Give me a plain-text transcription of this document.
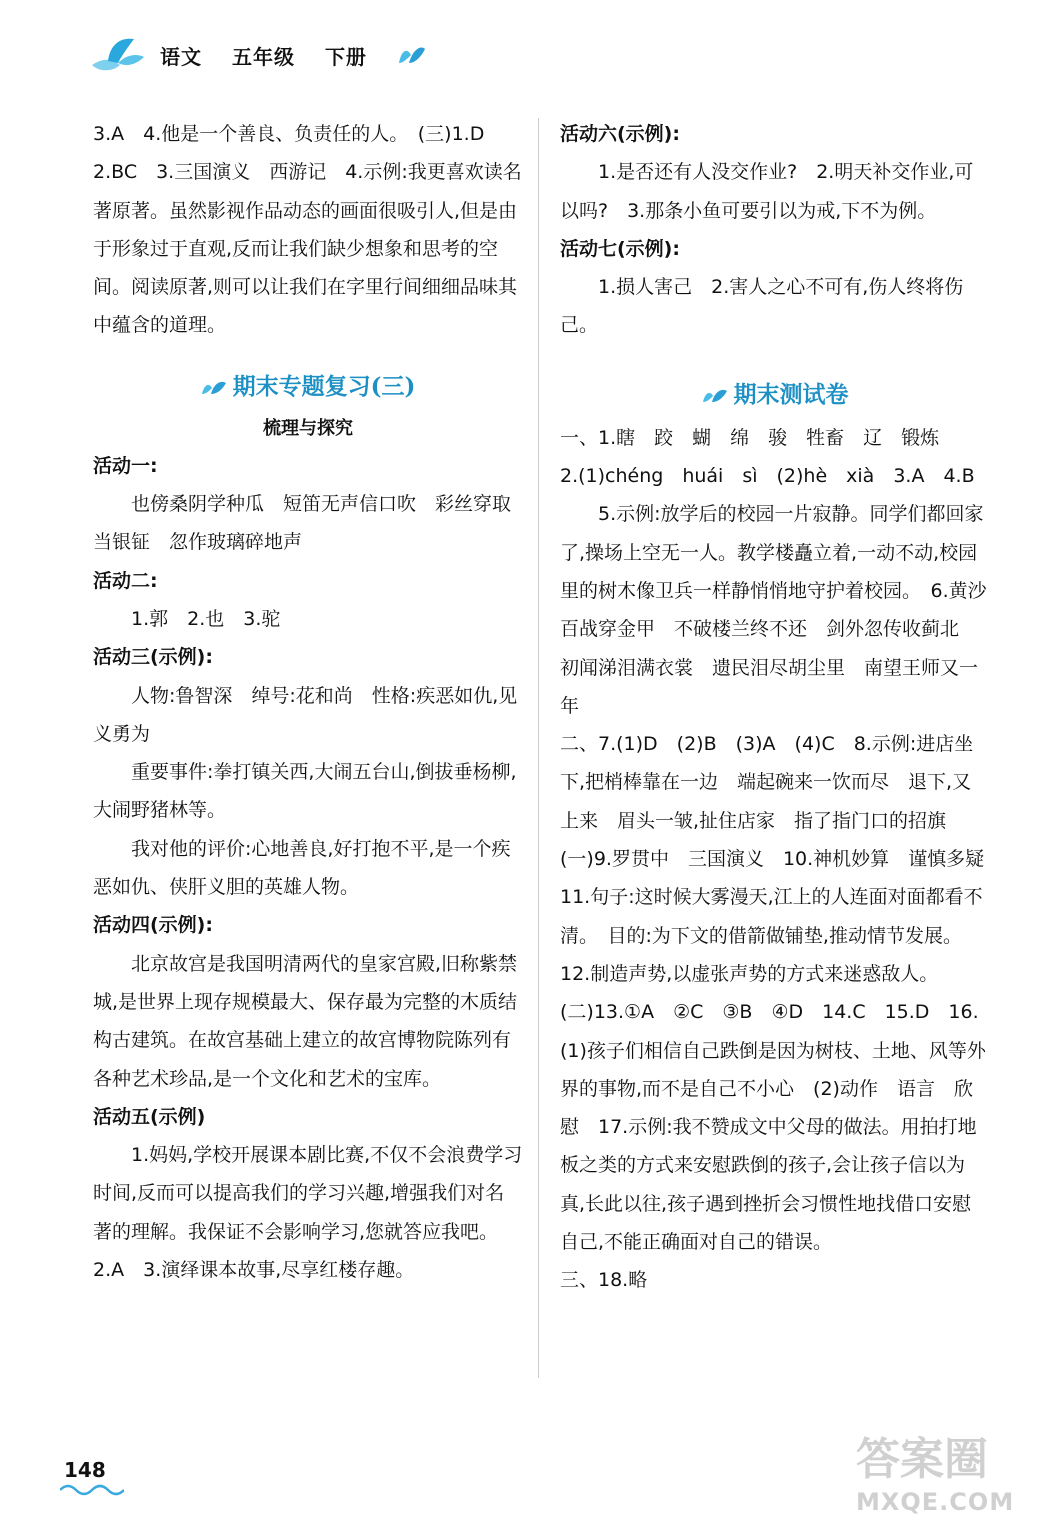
语文 五年级 下册

3.A　4.他是一个善良、负责任的人。　(三)1.D

2.BC　3.三国演义　西游记　4.示例:我更喜欢读名著原著。虽然影视作品动态的画面很吸引人,但是由于形象过于直观,反而让我们缺少想象和思考的空间。阅读原著,则可以让我们在字里行间细细品味其中蕴含的道理。

期末专题复习(三)
梳理与探究

活动一:

也傍桑阴学种瓜　短笛无声信口吹　彩丝穿取当银钲　忽作玻璃碎地声

活动二:

1.郭　2.也　3.驼

活动三(示例):

人物:鲁智深　绰号:花和尚　性格:疾恶如仇,见义勇为

重要事件:拳打镇关西,大闹五台山,倒拔垂杨柳,大闹野猪林等。

我对他的评价:心地善良,好打抱不平,是一个疾恶如仇、侠肝义胆的英雄人物。

活动四(示例):

北京故宫是我国明清两代的皇家宫殿,旧称紫禁城,是世界上现存规模最大、保存最为完整的木质结构古建筑。在故宫基础上建立的故宫博物院陈列有各种艺术珍品,是一个文化和艺术的宝库。

活动五(示例)

1.妈妈,学校开展课本剧比赛,不仅不会浪费学习时间,反而可以提高我们的学习兴趣,增强我们对名著的理解。我保证不会影响学习,您就答应我吧。　2.A　3.演绎课本故事,尽享红楼存趣。

活动六(示例):

1.是否还有人没交作业?　2.明天补交作业,可以吗?　3.那条小鱼可要引以为戒,下不为例。

活动七(示例):

1.损人害己　2.害人之心不可有,伤人终将伤己。

期末测试卷

一、1.瞎　跤　蝴　绵　骏　牲畜　辽　锻炼

2.(1)chéng　huái　sì　(2)hè　xià　3.A　4.B

5.示例:放学后的校园一片寂静。同学们都回家了,操场上空无一人。教学楼矗立着,一动不动,校园里的树木像卫兵一样静悄悄地守护着校园。　6.黄沙百战穿金甲　不破楼兰终不还　剑外忽传收蓟北　初闻涕泪满衣裳　遗民泪尽胡尘里　南望王师又一年

二、7.(1)D　(2)B　(3)A　(4)C　8.示例:进店坐下,把梢棒靠在一边　端起碗来一饮而尽　退下,又上来　眉头一皱,扯住店家　指了指门口的招旗　(一)9.罗贯中　三国演义　10.神机妙算　谨慎多疑　11.句子:这时候大雾漫天,江上的人连面对面都看不清。　目的:为下文的借箭做铺垫,推动情节发展。　12.制造声势,以虚张声势的方式来迷惑敌人。　(二)13.①A　②C　③B　④D　14.C　15.D　16.(1)孩子们相信自己跌倒是因为树枝、土地、风等外界的事物,而不是自己不小心　(2)动作　语言　欣慰　17.示例:我不赞成文中父母的做法。用拍打地板之类的方式来安慰跌倒的孩子,会让孩子信以为真,长此以往,孩子遇到挫折会习惯性地找借口安慰自己,不能正确面对自己的错误。

三、18.略

148	答案圈
MXQE.COM
